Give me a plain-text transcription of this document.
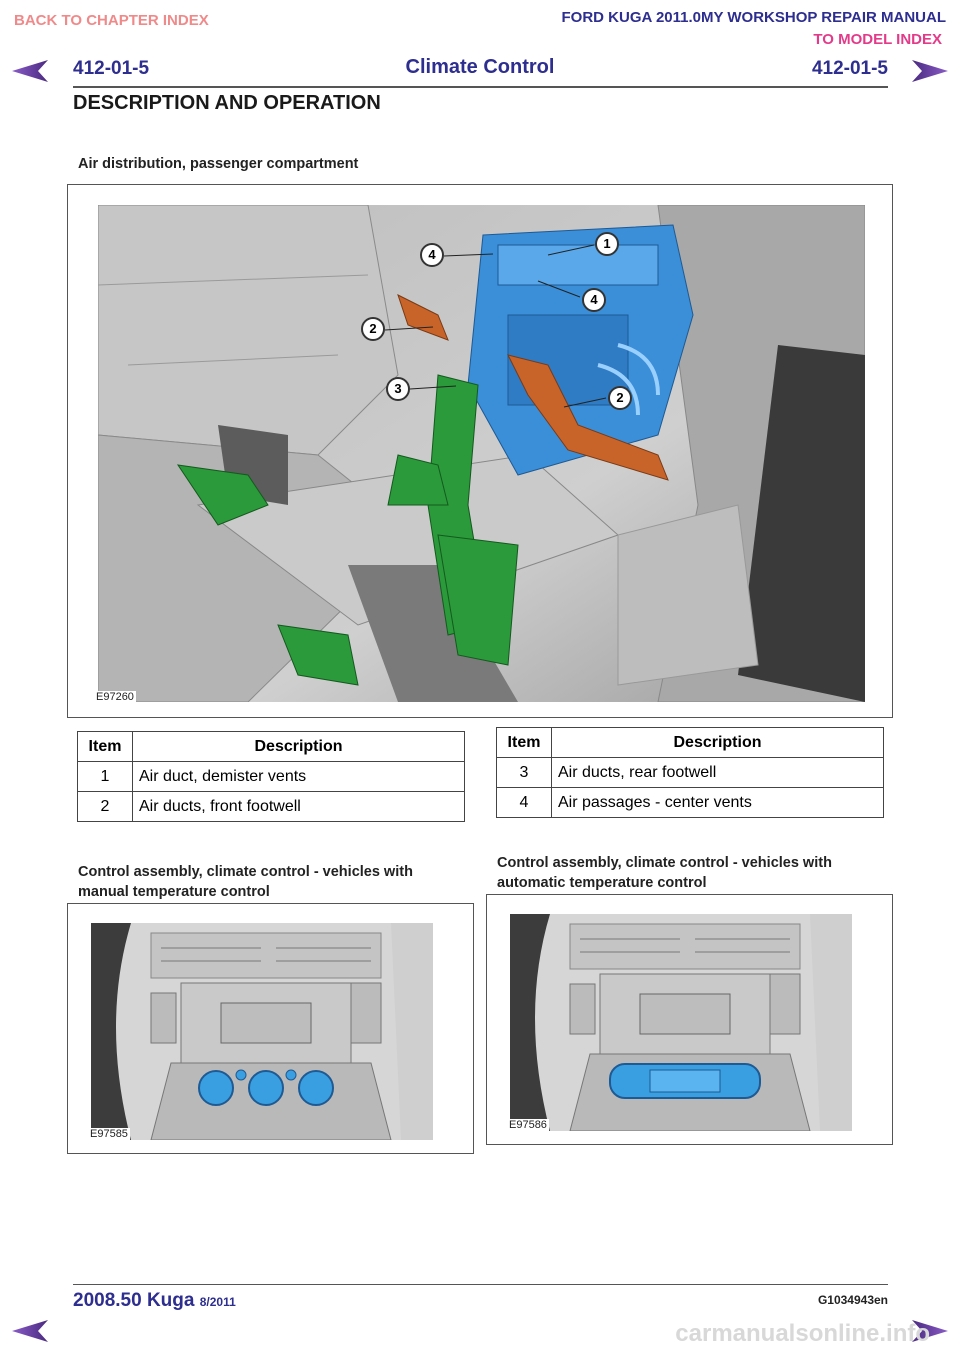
BACK TO CHAPTER INDEX	FORD KUGA 2011.0MY WORKSHOP REPAIR MANUAL
TO MODEL INDEX
412-01-5	Climate Control	412-01-5
DESCRIPTION AND OPERATION
Air distribution, passenger compartment
1
4
4
2
3
2
E97260
Item	Description
1	Air duct, demister vents
2	Air ducts, front footwell
Item	Description
3	Air ducts, rear footwell
4	Air passages - center vents
Control assembly, climate control - vehicles with
manual temperature control
Control assembly, climate control - vehicles with
automatic temperature control
E97585
E97586
2008.50 Kuga 8/2011	G1034943en
carmanualsonline.info
